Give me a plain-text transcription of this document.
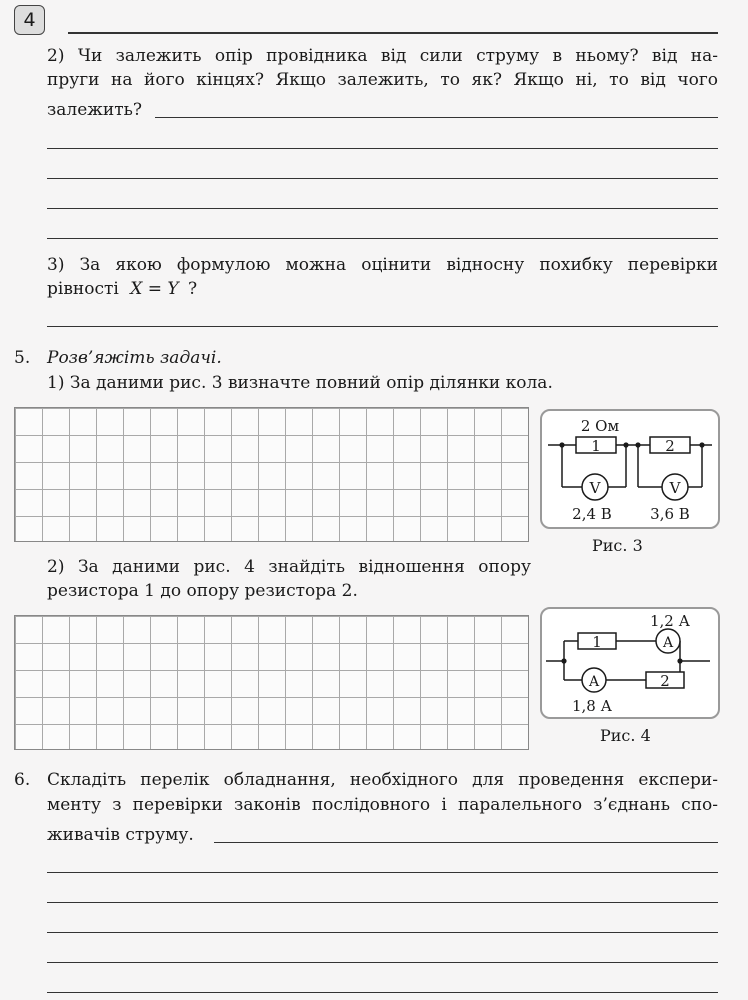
4
2) Чи залежить опір провідника від сили струму в ньому? від на-
пруги на його кінцях? Якщо залежить, то як? Якщо ні, то від чого
залежить?
3) За якою формулою можна оцінити відносну похибку перевірки
рівності X = Y ?
5. Розв’яжіть задачі.
1) За даними рис. 3 визначте повний опір ділянки кола.
2 Ом
1	2
V	V
2,4 В	3,6 В
Рис. 3
2) За даними рис. 4 знайдіть відношення опору
резистора 1 до опору резистора 2.
1
2
A
A
1,2 А
1,8 А
Рис. 4
6. Складіть перелік обладнання, необхідного для проведення експери-
менту з перевірки законів послідовного і паралельного з’єднань спо-
живачів струму.
